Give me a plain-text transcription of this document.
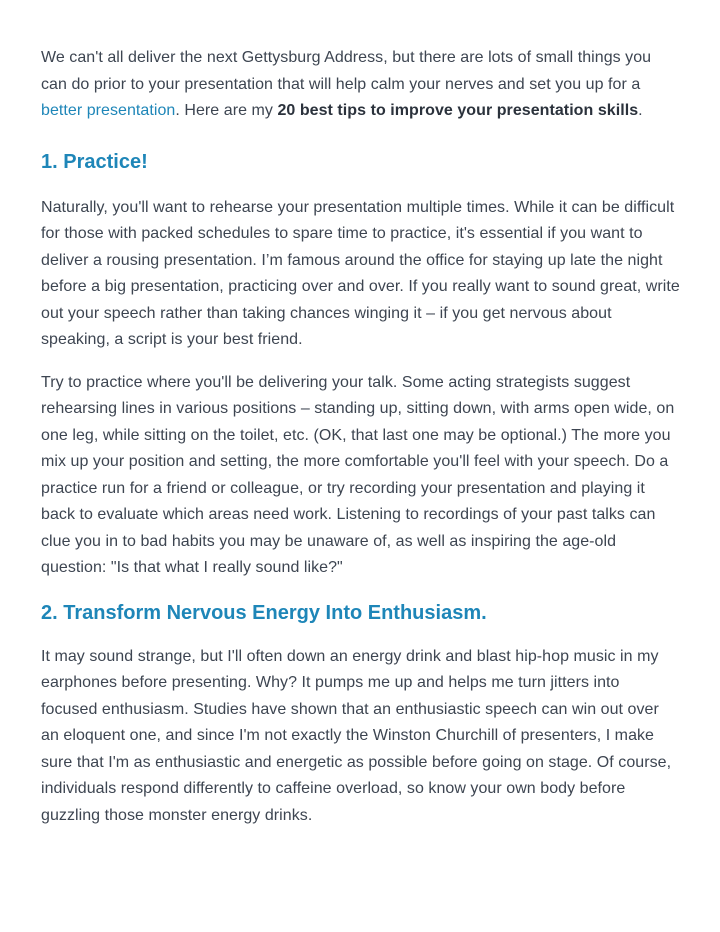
We can't all deliver the next Gettysburg Address, but there are lots of small things you can do prior to your presentation that will help calm your nerves and set you up for a better presentation. Here are my 20 best tips to improve your presentation skills.

1. Practice!

Naturally, you'll want to rehearse your presentation multiple times. While it can be difficult for those with packed schedules to spare time to practice, it's essential if you want to deliver a rousing presentation. I’m famous around the office for staying up late the night before a big presentation, practicing over and over. If you really want to sound great, write out your speech rather than taking chances winging it – if you get nervous about speaking, a script is your best friend.

Try to practice where you'll be delivering your talk. Some acting strategists suggest rehearsing lines in various positions – standing up, sitting down, with arms open wide, on one leg, while sitting on the toilet, etc. (OK, that last one may be optional.) The more you mix up your position and setting, the more comfortable you'll feel with your speech. Do a practice run for a friend or colleague, or try recording your presentation and playing it back to evaluate which areas need work. Listening to recordings of your past talks can clue you in to bad habits you may be unaware of, as well as inspiring the age-old question: "Is that what I really sound like?"

2. Transform Nervous Energy Into Enthusiasm.

It may sound strange, but I'll often down an energy drink and blast hip-hop music in my earphones before presenting. Why? It pumps me up and helps me turn jitters into focused enthusiasm. Studies have shown that an enthusiastic speech can win out over an eloquent one, and since I'm not exactly the Winston Churchill of presenters, I make sure that I'm as enthusiastic and energetic as possible before going on stage. Of course, individuals respond differently to caffeine overload, so know your own body before guzzling those monster energy drinks.
